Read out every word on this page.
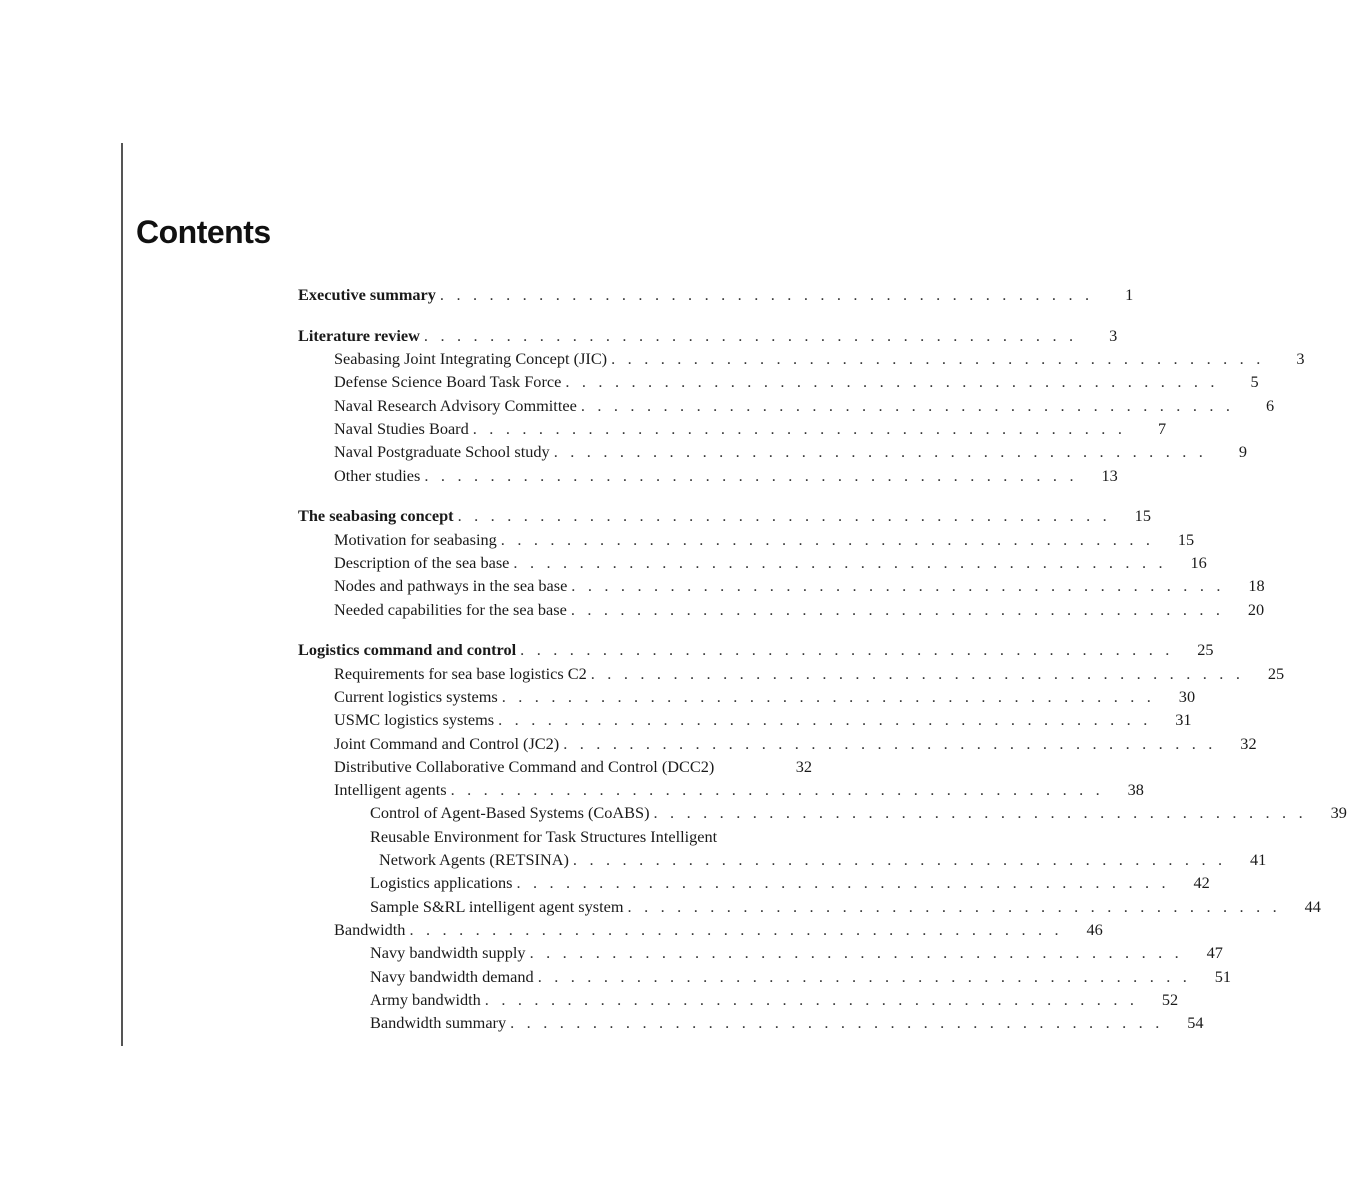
Contents
Executive summary . . . . . . . . . . . . . . . . . . . . . . . . . . . . . . . . . . . . . . . .	1
Literature review . . . . . . . . . . . . . . . . . . . . . . . . . . . . . . . . . . . . . . . .	3
Seabasing Joint Integrating Concept (JIC) . . . . . . . . . . . . . . . . . . . . . . . . . . . . . . . . . . . . . . . .	3
Defense Science Board Task Force . . . . . . . . . . . . . . . . . . . . . . . . . . . . . . . . . . . . . . . .	5
Naval Research Advisory Committee . . . . . . . . . . . . . . . . . . . . . . . . . . . . . . . . . . . . . . . .	6
Naval Studies Board . . . . . . . . . . . . . . . . . . . . . . . . . . . . . . . . . . . . . . . .	7
Naval Postgraduate School study . . . . . . . . . . . . . . . . . . . . . . . . . . . . . . . . . . . . . . . .	9
Other studies . . . . . . . . . . . . . . . . . . . . . . . . . . . . . . . . . . . . . . . .	13
The seabasing concept . . . . . . . . . . . . . . . . . . . . . . . . . . . . . . . . . . . . . . . .	15
Motivation for seabasing . . . . . . . . . . . . . . . . . . . . . . . . . . . . . . . . . . . . . . . .	15
Description of the sea base . . . . . . . . . . . . . . . . . . . . . . . . . . . . . . . . . . . . . . . .	16
Nodes and pathways in the sea base . . . . . . . . . . . . . . . . . . . . . . . . . . . . . . . . . . . . . . . .	18
Needed capabilities for the sea base . . . . . . . . . . . . . . . . . . . . . . . . . . . . . . . . . . . . . . . .	20
Logistics command and control . . . . . . . . . . . . . . . . . . . . . . . . . . . . . . . . . . . . . . . .	25
Requirements for sea base logistics C2 . . . . . . . . . . . . . . . . . . . . . . . . . . . . . . . . . . . . . . . .	25
Current logistics systems . . . . . . . . . . . . . . . . . . . . . . . . . . . . . . . . . . . . . . . .	30
USMC logistics systems . . . . . . . . . . . . . . . . . . . . . . . . . . . . . . . . . . . . . . . .	31
Joint Command and Control (JC2) . . . . . . . . . . . . . . . . . . . . . . . . . . . . . . . . . . . . . . . .	32
Distributive Collaborative Command and Control (DCC2)	32
Intelligent agents . . . . . . . . . . . . . . . . . . . . . . . . . . . . . . . . . . . . . . . .	38
Control of Agent-Based Systems (CoABS) . . . . . . . . . . . . . . . . . . . . . . . . . . . . . . . . . . . . . . . .	39
Reusable Environment for Task Structures Intelligent
Network Agents (RETSINA) . . . . . . . . . . . . . . . . . . . . . . . . . . . . . . . . . . . . . . . .	41
Logistics applications . . . . . . . . . . . . . . . . . . . . . . . . . . . . . . . . . . . . . . . .	42
Sample S&RL intelligent agent system . . . . . . . . . . . . . . . . . . . . . . . . . . . . . . . . . . . . . . . .	44
Bandwidth . . . . . . . . . . . . . . . . . . . . . . . . . . . . . . . . . . . . . . . .	46
Navy bandwidth supply . . . . . . . . . . . . . . . . . . . . . . . . . . . . . . . . . . . . . . . .	47
Navy bandwidth demand . . . . . . . . . . . . . . . . . . . . . . . . . . . . . . . . . . . . . . . .	51
Army bandwidth . . . . . . . . . . . . . . . . . . . . . . . . . . . . . . . . . . . . . . . .	52
Bandwidth summary . . . . . . . . . . . . . . . . . . . . . . . . . . . . . . . . . . . . . . . .	54
